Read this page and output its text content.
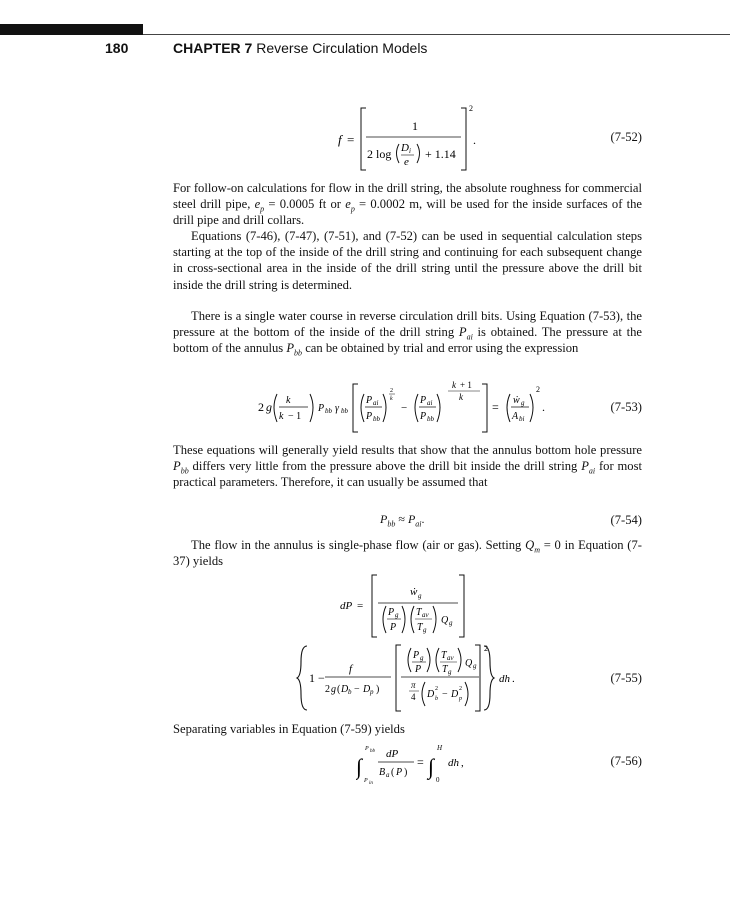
180	CHAPTER 7 Reverse Circulation Models
f =
2
1
2 log D i
e
+ 1.14
.	(7-52)

For follow-on calculations for flow in the drill string, the absolute roughness for commercial steel drill pipe, $e_p = 0.0005$ ft or $e_p = 0.0002$ m, will be used for the inside surfaces of the drill pipe and drill collars.

Equations (7-46), (7-47), (7-51), and (7-52) can be used in sequential calculation steps starting at the top of the inside of the drill string and continuing for each subsequent change in cross-sectional area in the inside of the drill string until the pressure above the drill bit inside the drill string is determined.

There is a single water course in reverse circulation drill bits. Using Equation (7-53), the pressure at the bottom of the inside of the drill string $P_{ai}$ is obtained. The pressure at the bottom of the annulus $P_{bb}$ can be obtained by trial and error using the expression

2 g k
k − 1
P bb γ bb
P ai
P bb
2
k
−
P ai
P bb
k + 1
k
= ẇ g
A bi
2
.	(7-53)

These equations will generally yield results that show that the annulus bottom hole pressure $P_{bb}$ differs very little from the pressure above the drill bit inside the drill string $P_{ai}$ for most practical parameters. Therefore, it can usually be assumed that

$P_{bb} \approx P_{ai}$.	(7-54)

The flow in the annulus is single-phase flow (air or gas). Setting $Q_m = 0$ in Equation (7-37) yields

dP =
ẇ g
P g
P
T av
T g
Q g
1 −
f
2 g ( D b − D p )
P g
P
T av
T g
Q g
2
π
4 D 2
b − D 2
p
dh .	(7-55)

Separating variables in Equation (7-59) yields

∫
P bb
P in
dP
B a ( P )
= ∫
H
0
dh ,	(7-56)
